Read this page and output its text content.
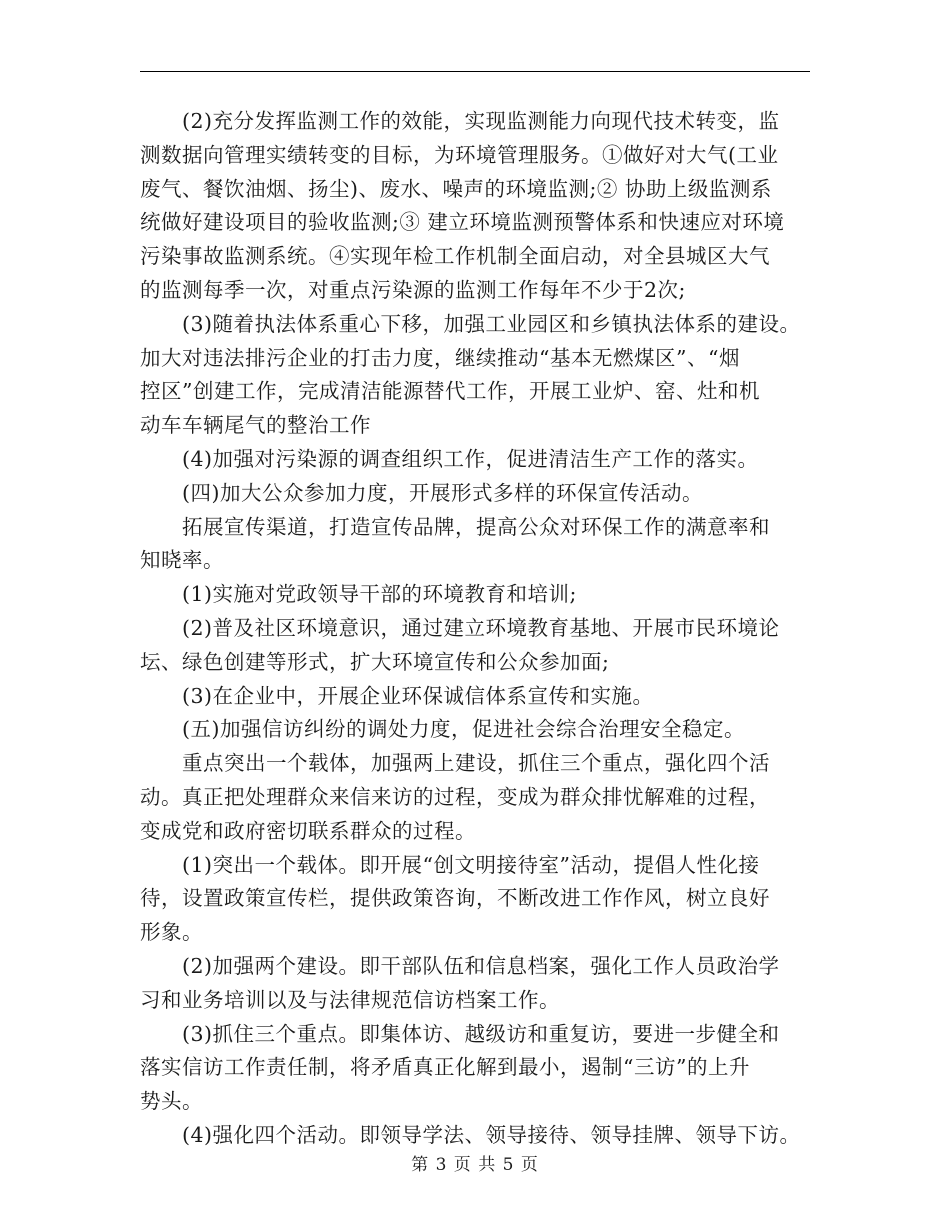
　　(2)充分发挥监测工作的效能，实现监测能力向现代技术转变，监
测数据向管理实绩转变的目标，为环境管理服务。①做好对大气(工业
废气、餐饮油烟、扬尘)、废水、噪声的环境监测;② 协助上级监测系
统做好建设项目的验收监测;③ 建立环境监测预警体系和快速应对环境
污染事故监测系统。④实现年检工作机制全面启动，对全县城区大气
的监测每季一次，对重点污染源的监测工作每年不少于2次;
　　(3)随着执法体系重心下移，加强工业园区和乡镇执法体系的建设。
加大对违法排污企业的打击力度，继续推动“基本无燃煤区”、“烟
控区”创建工作，完成清洁能源替代工作，开展工业炉、窑、灶和机
动车车辆尾气的整治工作
　　(4)加强对污染源的调查组织工作，促进清洁生产工作的落实。
　　(四)加大公众参加力度，开展形式多样的环保宣传活动。
　　拓展宣传渠道，打造宣传品牌，提高公众对环保工作的满意率和
知晓率。
　　(1)实施对党政领导干部的环境教育和培训;
　　(2)普及社区环境意识，通过建立环境教育基地、开展市民环境论
坛、绿色创建等形式，扩大环境宣传和公众参加面;
　　(3)在企业中，开展企业环保诚信体系宣传和实施。
　　(五)加强信访纠纷的调处力度，促进社会综合治理安全稳定。
　　重点突出一个载体，加强两上建设，抓住三个重点，强化四个活
动。真正把处理群众来信来访的过程，变成为群众排忧解难的过程，
变成党和政府密切联系群众的过程。
　　(1)突出一个载体。即开展“创文明接待室”活动，提倡人性化接
待，设置政策宣传栏，提供政策咨询，不断改进工作作风，树立良好
形象。
　　(2)加强两个建设。即干部队伍和信息档案，强化工作人员政治学
习和业务培训以及与法律规范信访档案工作。
　　(3)抓住三个重点。即集体访、越级访和重复访，要进一步健全和
落实信访工作责任制，将矛盾真正化解到最小，遏制“三访”的上升
势头。
　　(4)强化四个活动。即领导学法、领导接待、领导挂牌、领导下访。
第 3 页 共 5 页
